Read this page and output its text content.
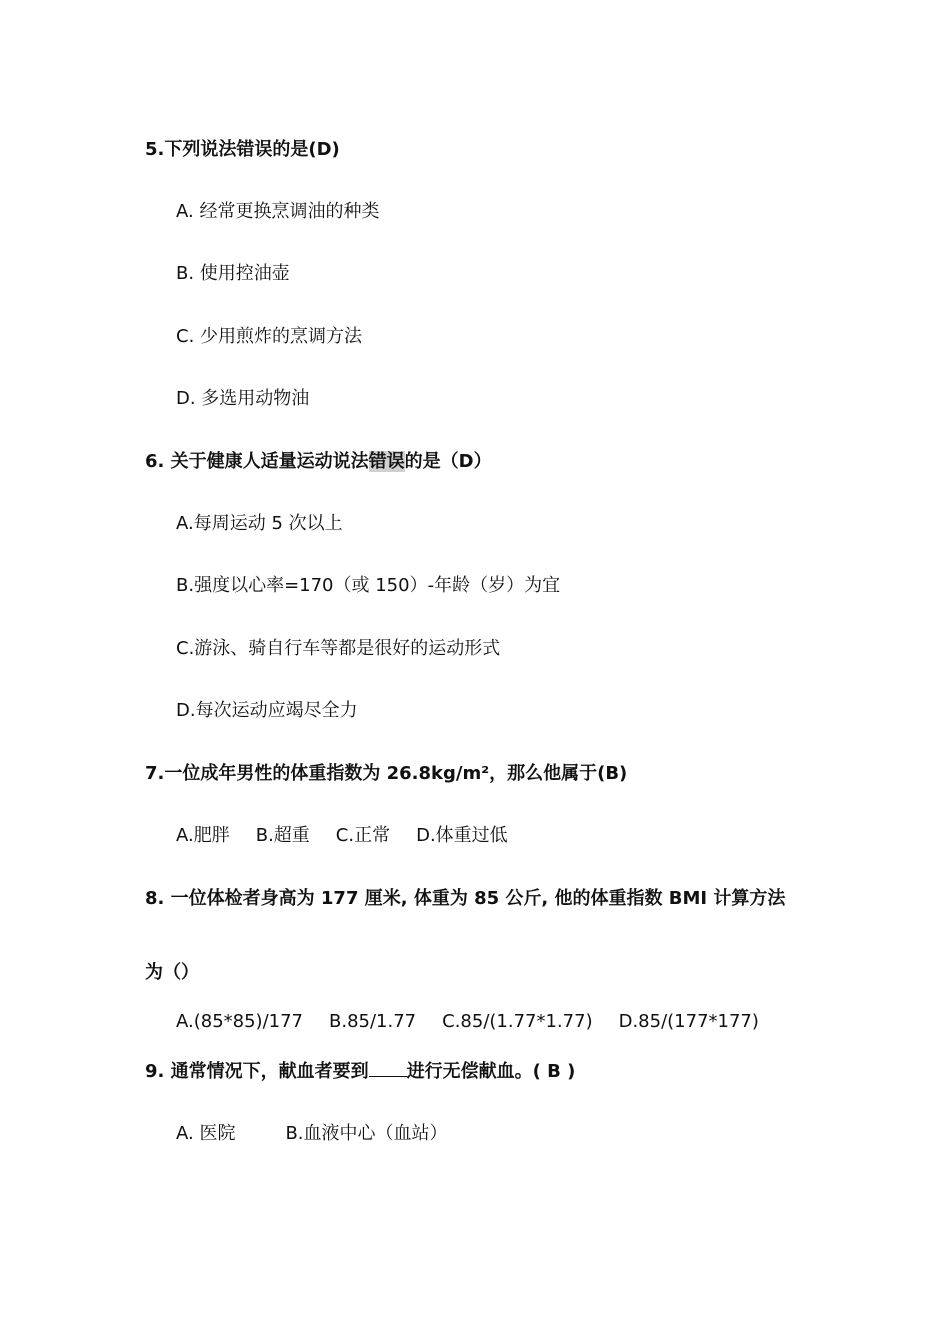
5.下列说法错误的是(D)
A. 经常更换烹调油的种类
B. 使用控油壶
C. 少用煎炸的烹调方法
D. 多选用动物油
6. 关于健康人适量运动说法错误的是（D）
A.每周运动 5 次以上
B.强度以心率=170（或 150）-年龄（岁）为宜
C.游泳、骑自行车等都是很好的运动形式
D.每次运动应竭尽全力
7.一位成年男性的体重指数为 26.8kg/m²，那么他属于(B)
A.肥胖 B.超重 C.正常 D.体重过低
8. 一位体检者身高为 177 厘米, 体重为 85 公斤, 他的体重指数 BMI 计算方法
为（）
A.(85*85)/177 B.85/1.77 C.85/(1.77*1.77) D.85/(177*177)
9. 通常情况下，献血者要到 进行无偿献血。( B )
A. 医院	B.血液中心（血站）
